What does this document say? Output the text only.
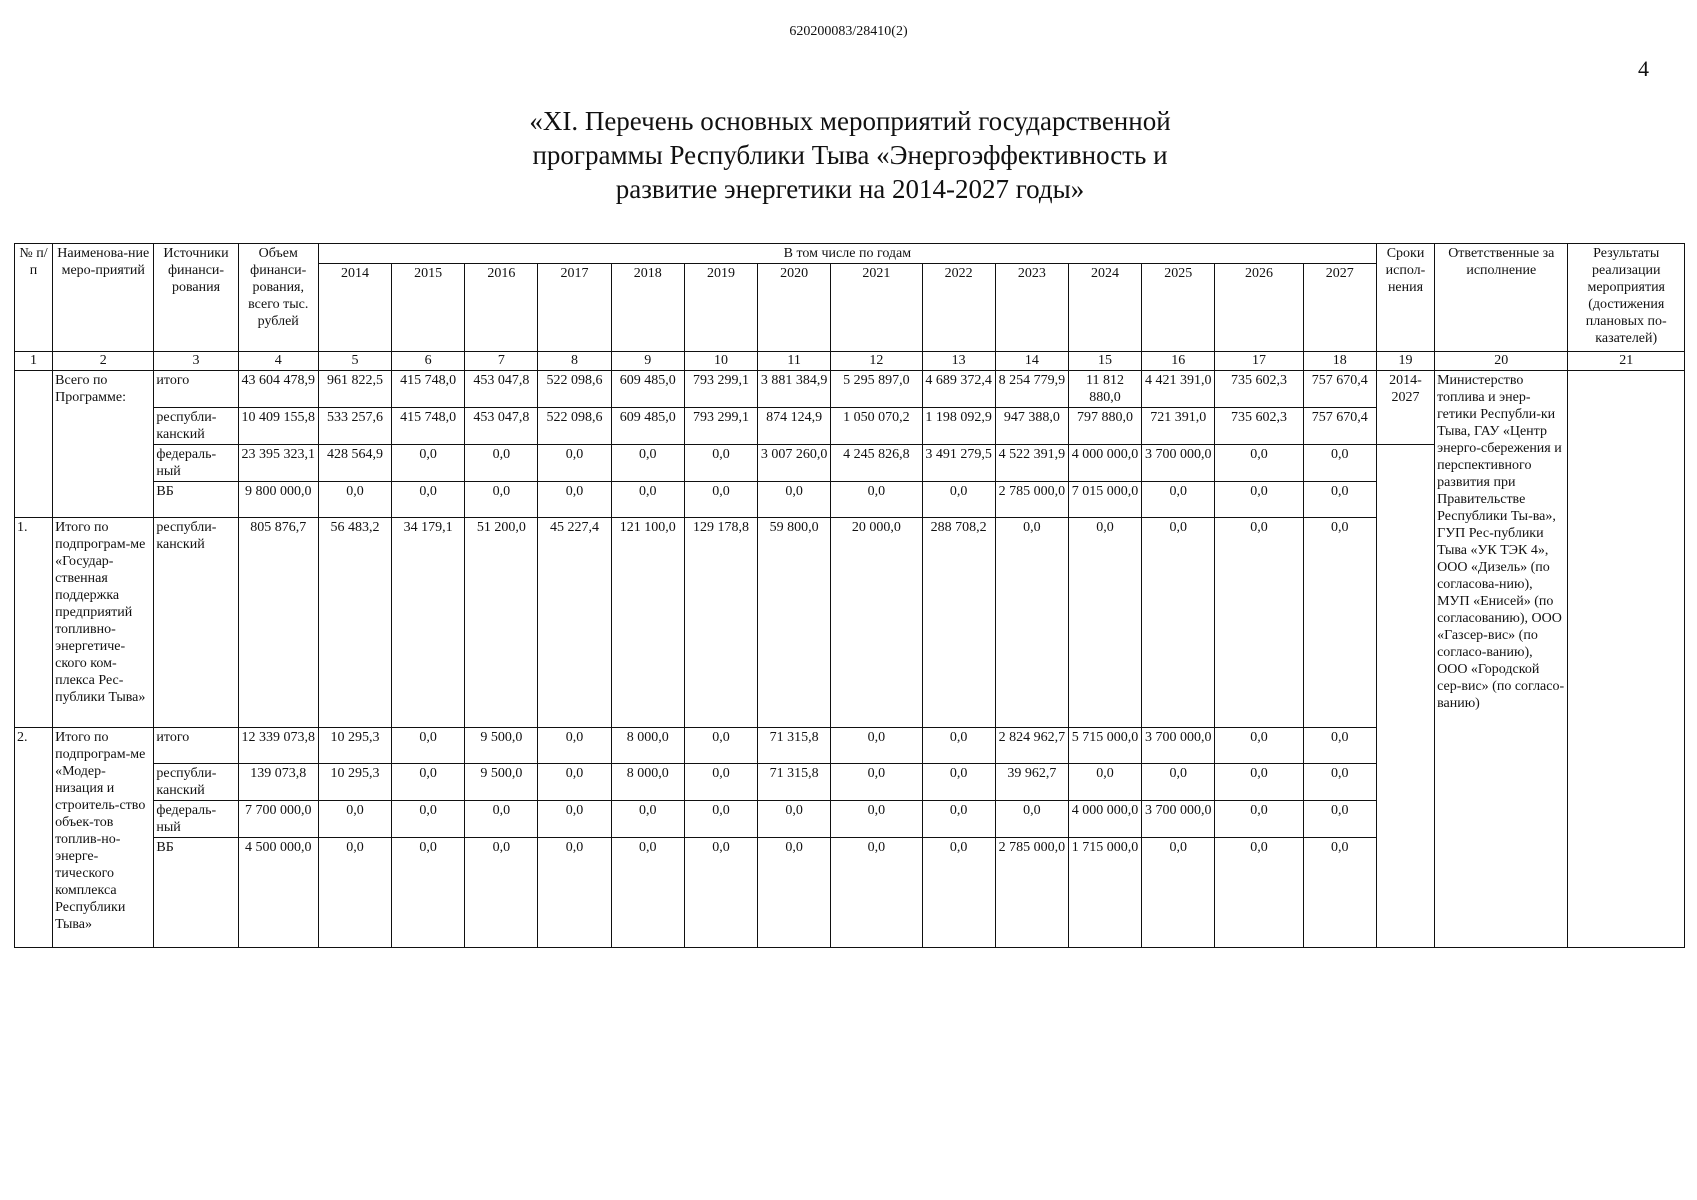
620200083/28410(2)
4
«XI. Перечень основных мероприятий государственной
программы Республики Тыва «Энергоэффективность и
развитие энергетики на 2014-2027 годы»
№ п/п	Наименова-ние меро-приятий	Источники финанси-рования	Объем финанси-рования, всего тыс. рублей	В том числе по годам														Сроки испол-нения	Ответственные за исполнение	Результаты реализации мероприятия (достижения плановых по-казателей)
				2014	2015	2016	2017	2018	2019	2020	2021	2022	2023	2024	2025	2026	2027			
1	2	3	4	5	6	7	8	9	10	11	12	13	14	15	16	17	18	19	20	21
	Всего по Программе:	итого	43 604 478,9	961 822,5	415 748,0	453 047,8	522 098,6	609 485,0	793 299,1	3 881 384,9	5 295 897,0	4 689 372,4	8 254 779,9	11 812 880,0	4 421 391,0	735 602,3	757 670,4	2014-2027	Министерство топлива и энер-гетики Республи-ки Тыва, ГАУ «Центр энерго-сбережения и перспективного развития при Правительстве Республики Ты-ва», ГУП Рес-публики Тыва «УК ТЭК 4», ООО «Дизель» (по согласова-нию), МУП «Енисей» (по согласованию), ООО «Газсер-вис» (по согласо-ванию), ООО «Городской сер-вис» (по согласо-ванию)	
		республи-канский	10 409 155,8	533 257,6	415 748,0	453 047,8	522 098,6	609 485,0	793 299,1	874 124,9	1 050 070,2	1 198 092,9	947 388,0	797 880,0	721 391,0	735 602,3	757 670,4			
		федераль-ный	23 395 323,1	428 564,9	0,0	0,0	0,0	0,0	0,0	3 007 260,0	4 245 826,8	3 491 279,5	4 522 391,9	4 000 000,0	3 700 000,0	0,0	0,0			
		ВБ	9 800 000,0	0,0	0,0	0,0	0,0	0,0	0,0	0,0	0,0	0,0	2 785 000,0	7 015 000,0	0,0	0,0	0,0			
1.	Итого по подпрограм-ме «Государ-ственная поддержка предприятий топливно-энергетиче-ского ком-плекса Рес-публики Тыва»	республи-канский	805 876,7	56 483,2	34 179,1	51 200,0	45 227,4	121 100,0	129 178,8	59 800,0	20 000,0	288 708,2	0,0	0,0	0,0	0,0	0,0			
2.	Итого по подпрограм-ме «Модер-низация и строитель-ство объек-тов топлив-но-энерге-тического комплекса Республики Тыва»	итого	12 339 073,8	10 295,3	0,0	9 500,0	0,0	8 000,0	0,0	71 315,8	0,0	0,0	2 824 962,7	5 715 000,0	3 700 000,0	0,0	0,0			
		республи-канский	139 073,8	10 295,3	0,0	9 500,0	0,0	8 000,0	0,0	71 315,8	0,0	0,0	39 962,7	0,0	0,0	0,0	0,0			
		федераль-ный	7 700 000,0	0,0	0,0	0,0	0,0	0,0	0,0	0,0	0,0	0,0	0,0	4 000 000,0	3 700 000,0	0,0	0,0			
		ВБ	4 500 000,0	0,0	0,0	0,0	0,0	0,0	0,0	0,0	0,0	0,0	2 785 000,0	1 715 000,0	0,0	0,0	0,0			
